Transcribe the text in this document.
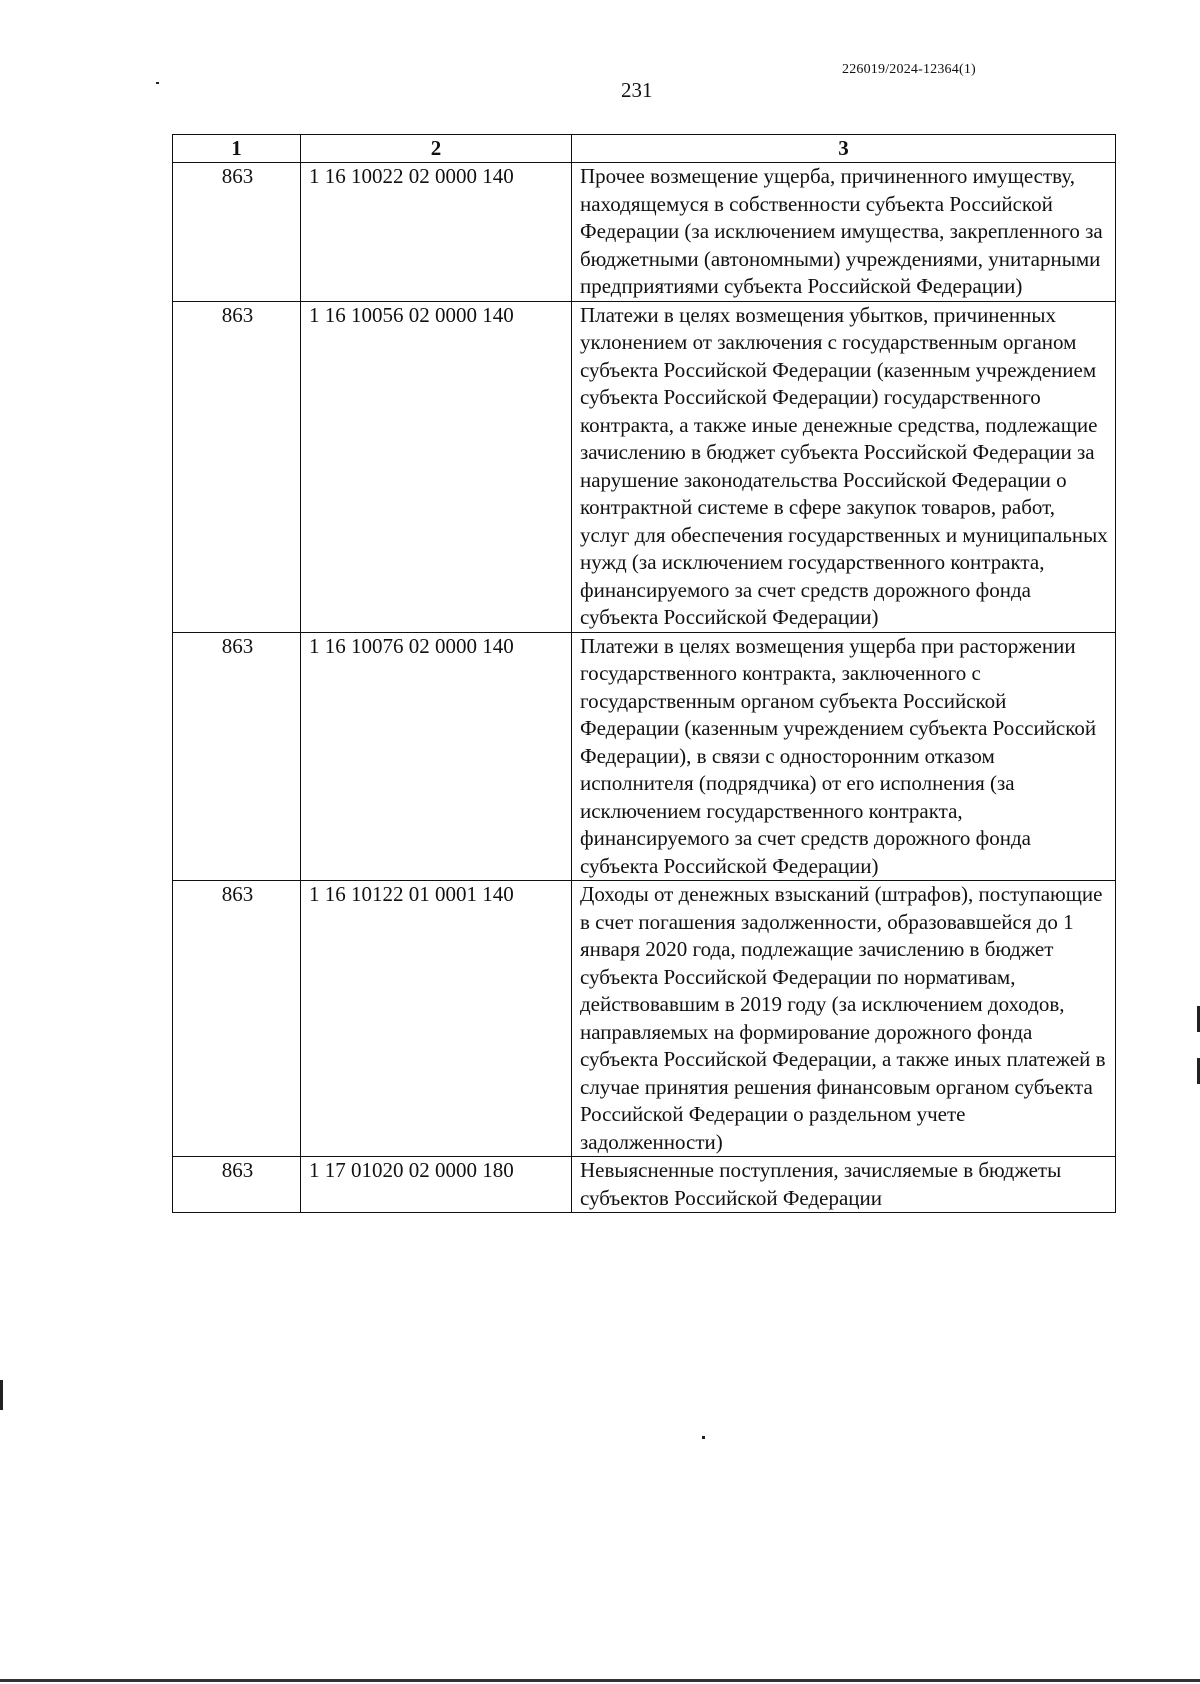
226019/2024-12364(1)
231
1	2	3
863	1 16 10022 02 0000 140	Прочее возмещение ущерба, причиненного имуществу, находящемуся в собственности субъекта Российской Федерации (за исключением имущества, закрепленного за бюджетными (автономными) учреждениями, унитарными предприятиями субъекта Российской Федерации)
863	1 16 10056 02 0000 140	Платежи в целях возмещения убытков, причиненных уклонением от заключения с государственным органом субъекта Российской Федерации (казенным учреждением субъекта Российской Федерации) государственного контракта, а также иные денежные средства, подлежащие зачислению в бюджет субъекта Российской Федерации за нарушение законодательства Российской Федерации о контрактной системе в сфере закупок товаров, работ, услуг для обеспечения государственных и муниципальных нужд (за исключением государственного контракта, финансируемого за счет средств дорожного фонда субъекта Российской Федерации)
863	1 16 10076 02 0000 140	Платежи в целях возмещения ущерба при расторжении государственного контракта, заключенного с государственным органом субъекта Российской Федерации (казенным учреждением субъекта Российской Федерации), в связи с односторонним отказом исполнителя (подрядчика) от его исполнения (за исключением государственного контракта, финансируемого за счет средств дорожного фонда субъекта Российской Федерации)
863	1 16 10122 01 0001 140	Доходы от денежных взысканий (штрафов), поступающие в счет погашения задолженности, образовавшейся до 1 января 2020 года, подлежащие зачислению в бюджет субъекта Российской Федерации по нормативам, действовавшим в 2019 году (за исключением доходов, направляемых на формирование дорожного фонда субъекта Российской Федерации, а также иных платежей в случае принятия решения финансовым органом субъекта Российской Федерации о раздельном учете задолженности)
863	1 17 01020 02 0000 180	Невыясненные поступления, зачисляемые в бюджеты субъектов Российской Федерации
